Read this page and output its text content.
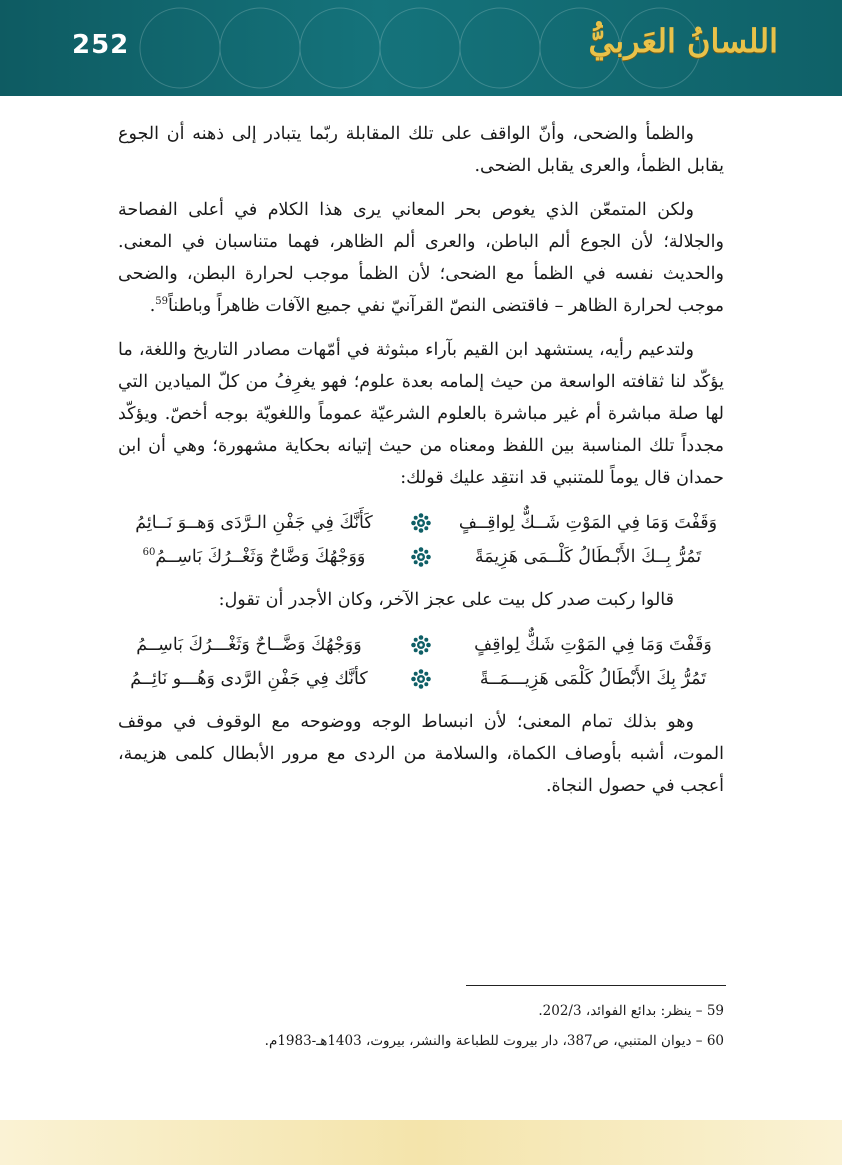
252	اللسانُ العَربيُّ

والظمأ والضحى، وأنّ الواقف على تلك المقابلة ربّما يتبادر إلى ذهنه أن الجوع يقابل الظمأ، والعرى يقابل الضحى.

ولكن المتمعّن الذي يغوص بحر المعاني يرى هذا الكلام في أعلى الفصاحة والجلالة؛ لأن الجوع ألم الباطن، والعرى ألم الظاهر، فهما متناسبان في المعنى. والحديث نفسه في الظمأ مع الضحى؛ لأن الظمأ موجب لحرارة البطن، والضحى موجب لحرارة الظاهر – فاقتضى النصّ القرآنيّ نفي جميع الآفات ظاهراً وباطناً$^{59}$.

ولتدعيم رأيه، يستشهد ابن القيم بآراء مبثوثة في أمّهات مصادر التاريخ واللغة، ما يؤكّد لنا ثقافته الواسعة من حيث إلمامه بعدة علوم؛ فهو يغرِفُ من كلّ الميادين التي لها صلة مباشرة أم غير مباشرة بالعلوم الشرعيّة عموماً واللغويّة بوجه أخصّ. ويؤكّد مجدداً تلك المناسبة بين اللفظ ومعناه من حيث إتيانه بحكاية مشهورة؛ وهي أن ابن حمدان قال يوماً للمتنبي قد انتقِد عليك قولك:

وَقَفْتَ وَمَا فِي المَوْتِ شَــكٌّ لِواقِــفٍ
كَأَنَّكَ فِي جَفْنِ الـرَّدَى وَهــوَ نَــائِمُ
تَمُرُّ بِــكَ الأَبْـطَالُ كَلْــمَى هَزِيمَةً
وَوَجْهُكَ وَضَّاحٌ وَثَغْــرُكَ بَاسِــمُ$^{60}$

قالوا ركبت صدر كل بيت على عجز الآخر، وكان الأجدر أن تقول:

وَقَفْتَ وَمَا فِي المَوْتِ شَكٌّ لِواقِفٍ
وَوَجْهُكَ وَضَّــاحٌ وَثَغْـــرُكَ بَاسِــمُ
تَمُرُّ بِكَ الأَبْطَالُ كَلْمَى هَزِيـــمَــةً
كأنَّك فِي جَفْنِ الرَّدى وَهُـــو نَائِــمُ

وهو بذلك تمام المعنى؛ لأن انبساط الوجه ووضوحه مع الوقوف في موقف الموت، أشبه بأوصاف الكماة، والسلامة من الردى مع مرور الأبطال كلمى هزيمة، أعجب في حصول النجاة.

59 – ينظر: بدائع الفوائد، 202/3.
60 – ديوان المتنبي، ص387، دار بيروت للطباعة والنشر، بيروت، 1403هـ-1983م.
